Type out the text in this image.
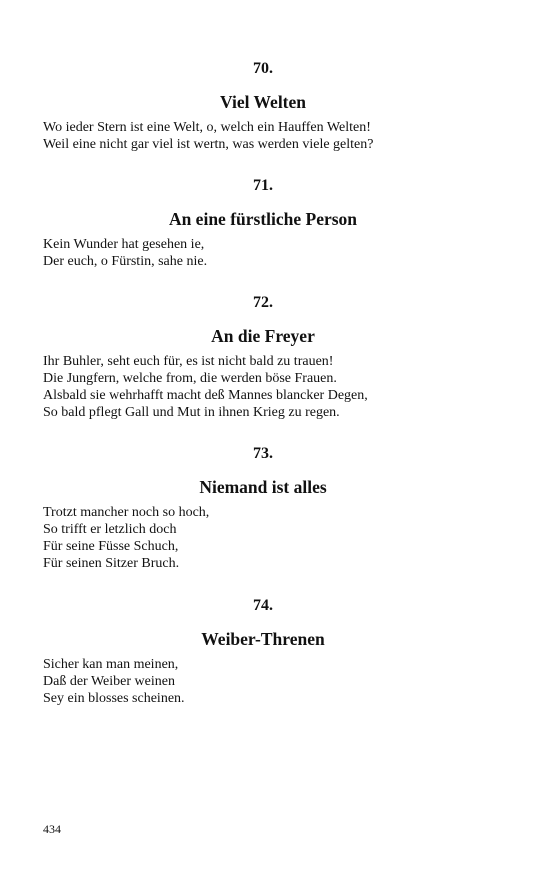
70.
Viel Welten

Wo ieder Stern ist eine Welt, o, welch ein Hauffen Welten!

Weil eine nicht gar viel ist wertn, was werden viele gelten?

71.
An eine fürstliche Person

Kein Wunder hat gesehen ie,

Der euch, o Fürstin, sahe nie.

72.
An die Freyer

Ihr Buhler, seht euch für, es ist nicht bald zu trauen!

Die Jungfern, welche from, die werden böse Frauen.

Alsbald sie wehrhafft macht deß Mannes blancker Degen,

So bald pflegt Gall und Mut in ihnen Krieg zu regen.

73.
Niemand ist alles

Trotzt mancher noch so hoch,

So trifft er letzlich doch

Für seine Füsse Schuch,

Für seinen Sitzer Bruch.

74.
Weiber-Threnen

Sicher kan man meinen,

Daß der Weiber weinen

Sey ein blosses scheinen.

434
